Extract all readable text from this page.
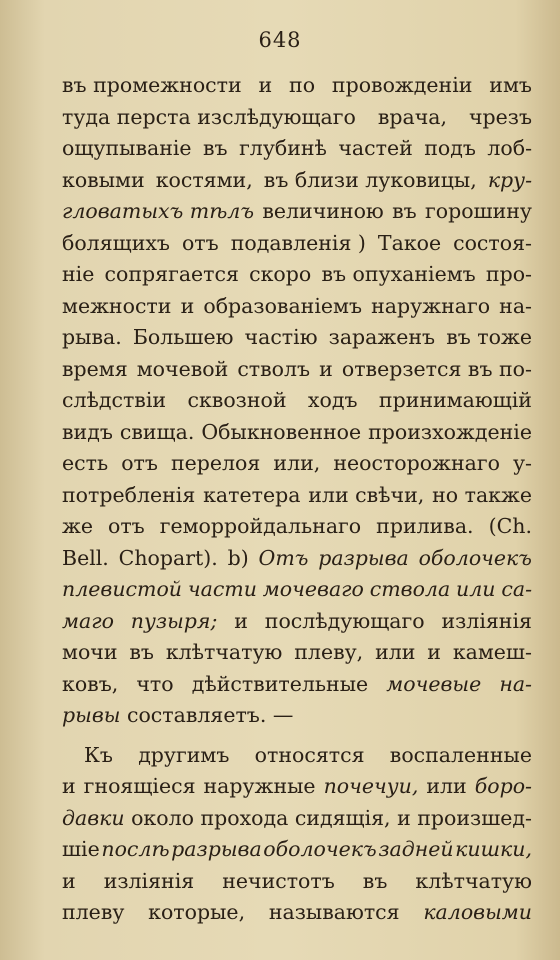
648
въ промежности и по провожденіи имъ
туда перста изслѣдующаго врача, чрезъ
ощупываніе въ глубинѣ частей подъ лоб-
ковыми костями, въ близи луковицы, кру-
гловатыхъ тѣлъ величиною въ горошину
болящихъ отъ подавленія ) Такое состоя-
ніе сопрягается скоро въ опуханіемъ про-
межности и образованіемъ наружнаго на-
рыва. Большею частію зараженъ въ тоже
время мочевой стволъ и отверзется въ по-
слѣдствіи сквозной ходъ принимающій
видъ свища. Обыкновенное произхожденіе
есть отъ перелоя или, неосторожнаго у-
потребленія катетера или свѣчи, но также
же отъ геморройдальнаго прилива. (Ch.
Bell. Chopart). b) Отъ разрыва оболочекъ
плевистой части мочеваго ствола или са-
маго пузыря; и послѣдующаго изліянія
мочи въ клѣтчатую плеву, или и камеш-
ковъ, что дѣйствительные мочевые на-
рывы составляетъ. —
Къ другимъ относятся воспаленные
и гноящіеся наружные почечуи, или боро-
давки около прохода сидящія, и произшед-
шіе послѣ разрыва оболочекъ задней кишки,
и изліянія нечистотъ въ клѣтчатую
плеву которые, называются каловыми
